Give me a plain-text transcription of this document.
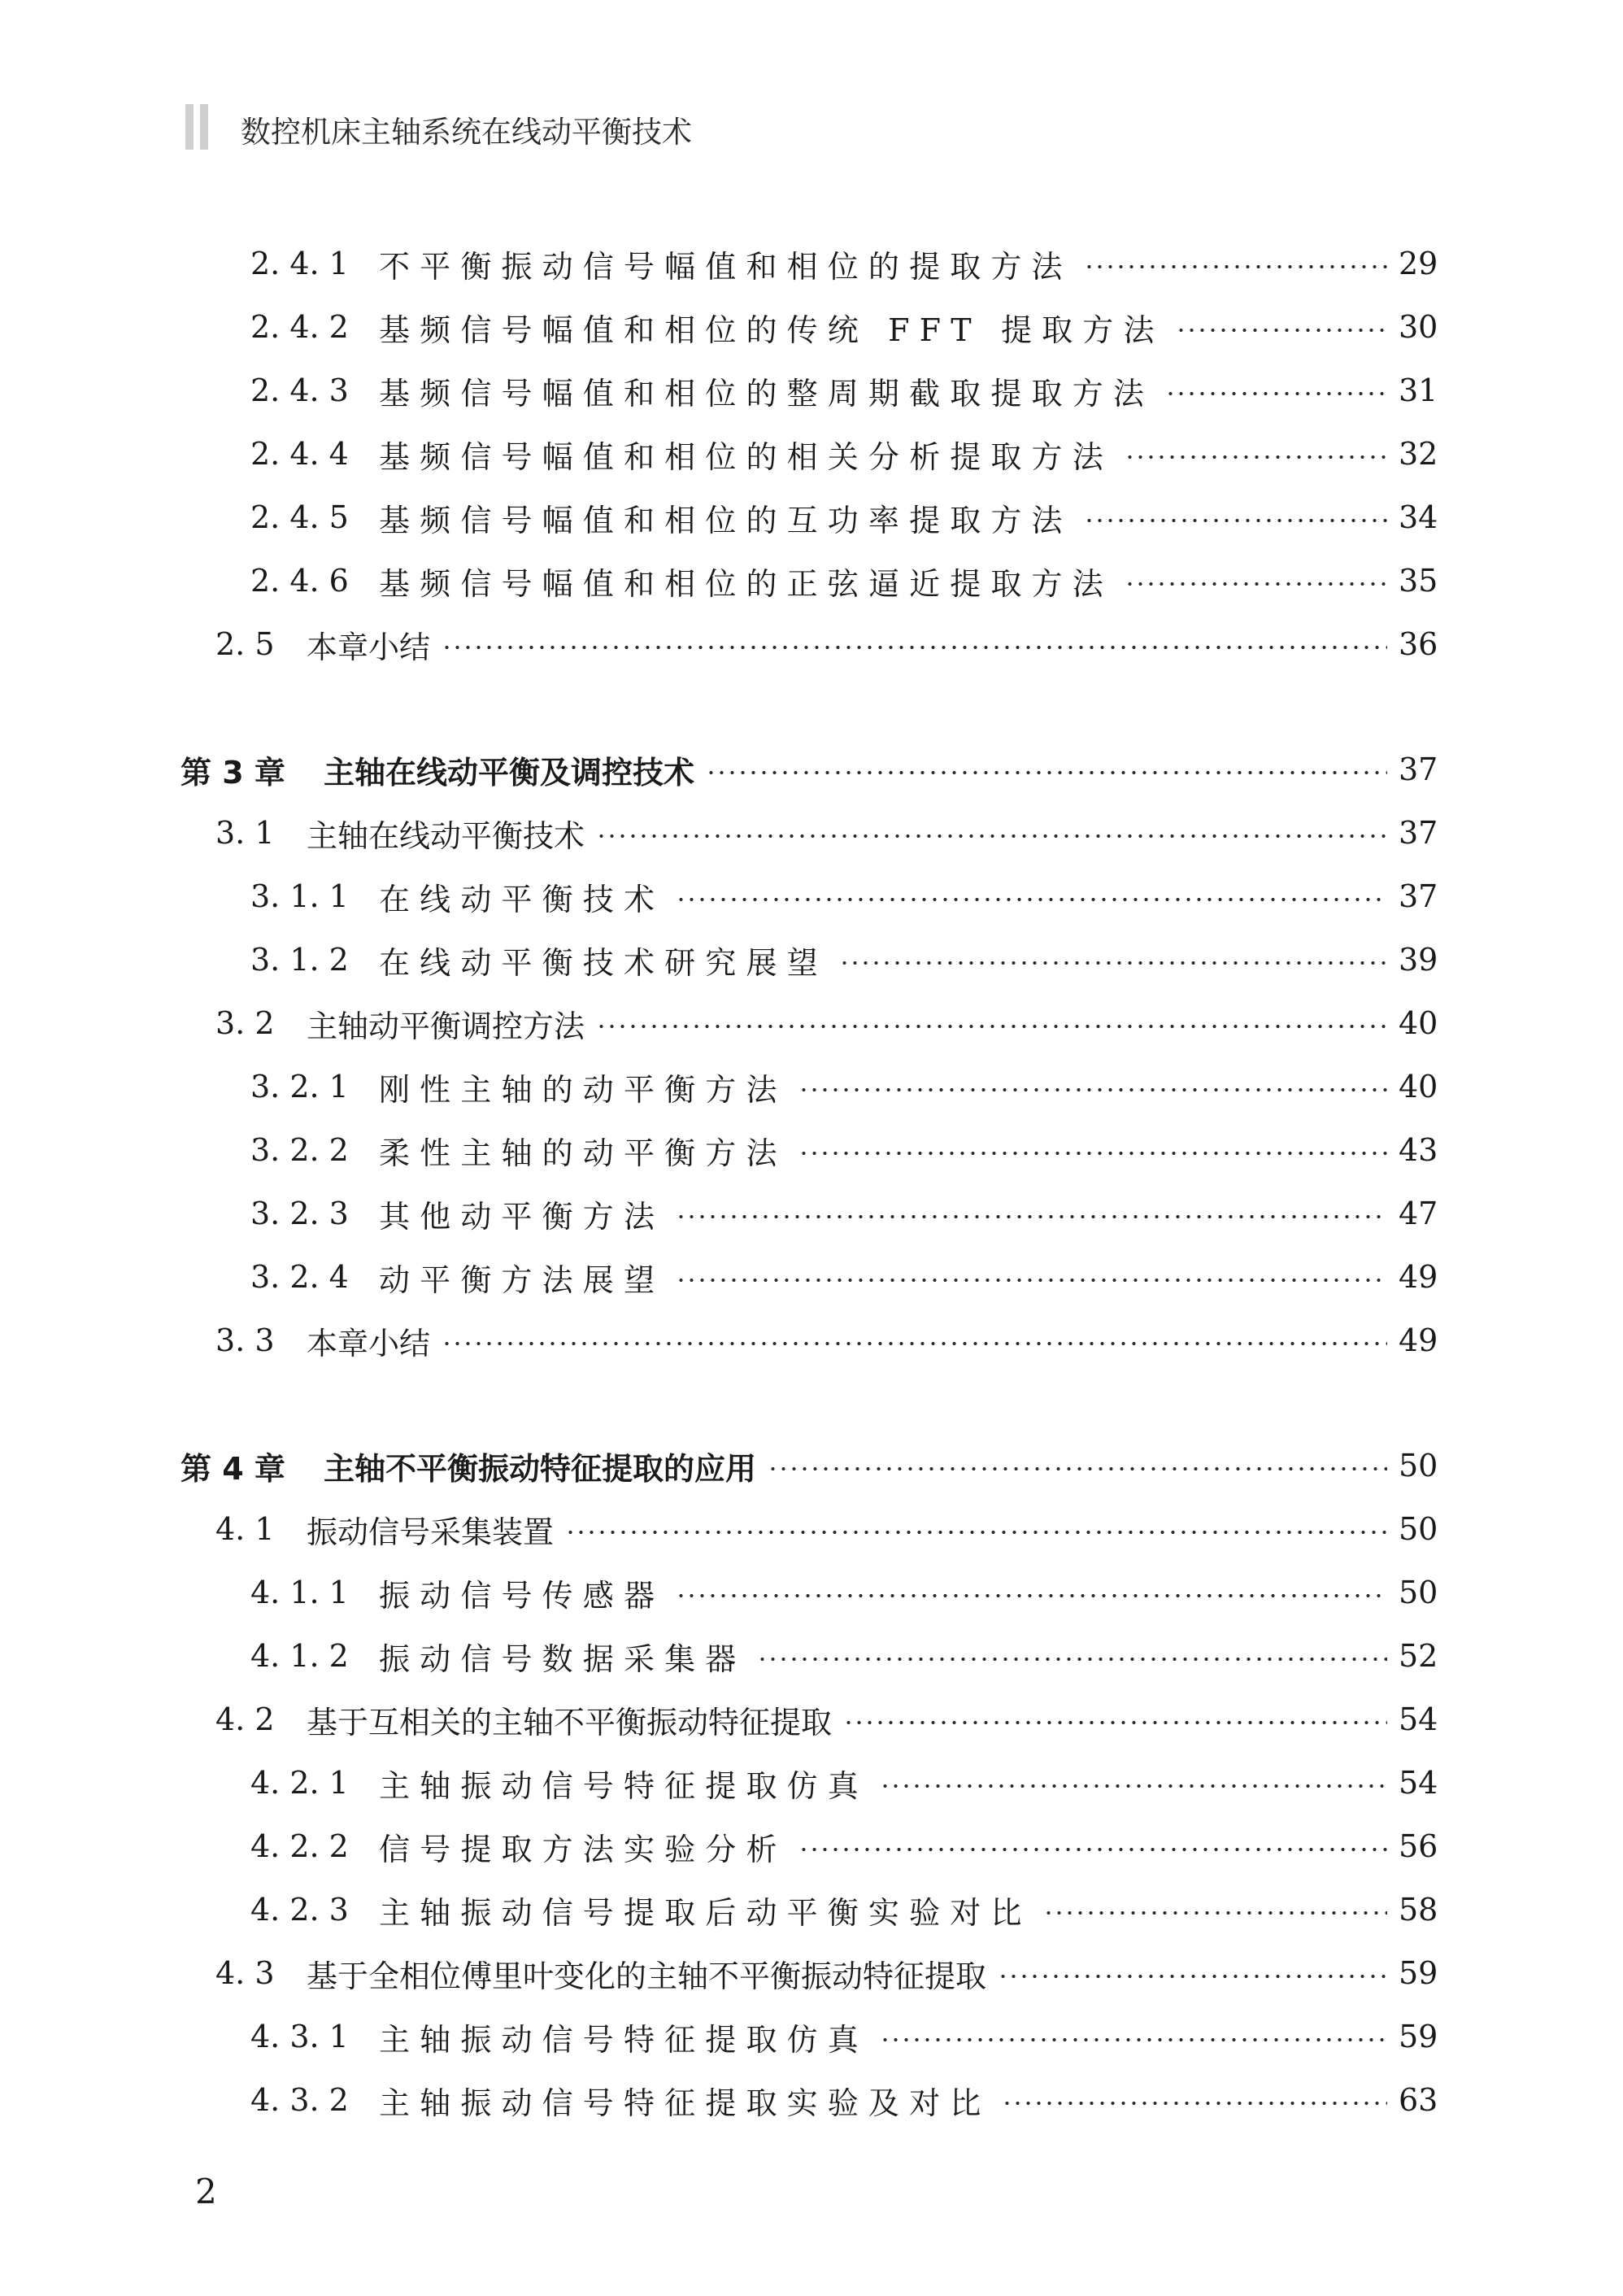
数控机床主轴系统在线动平衡技术
2. 4. 1 不平衡振动信号幅值和相位的提取方法	29
2. 4. 2 基频信号幅值和相位的传统 FFT 提取方法	30
2. 4. 3 基频信号幅值和相位的整周期截取提取方法	31
2. 4. 4 基频信号幅值和相位的相关分析提取方法	32
2. 4. 5 基频信号幅值和相位的互功率提取方法	34
2. 4. 6 基频信号幅值和相位的正弦逼近提取方法	35
2. 5	本章小结	36
第 3 章	主轴在线动平衡及调控技术	37
3. 1	主轴在线动平衡技术	37
3. 1. 1 在线动平衡技术	37
3. 1. 2 在线动平衡技术研究展望	39
3. 2	主轴动平衡调控方法	40
3. 2. 1 刚性主轴的动平衡方法	40
3. 2. 2 柔性主轴的动平衡方法	43
3. 2. 3 其他动平衡方法	47
3. 2. 4 动平衡方法展望	49
3. 3	本章小结	49
第 4 章	主轴不平衡振动特征提取的应用	50
4. 1	振动信号采集装置	50
4. 1. 1 振动信号传感器	50
4. 1. 2 振动信号数据采集器	52
4. 2	基于互相关的主轴不平衡振动特征提取	54
4. 2. 1 主轴振动信号特征提取仿真	54
4. 2. 2 信号提取方法实验分析	56
4. 2. 3 主轴振动信号提取后动平衡实验对比	58
4. 3	基于全相位傅里叶变化的主轴不平衡振动特征提取	59
4. 3. 1 主轴振动信号特征提取仿真	59
4. 3. 2 主轴振动信号特征提取实验及对比	63
2
